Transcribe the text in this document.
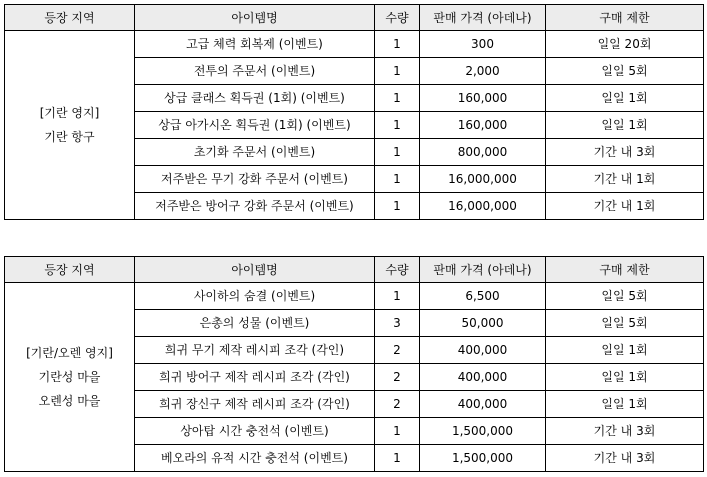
등장 지역	아이템명	수량	판매 가격 (아데나)	구매 제한

[기란 영지]
기란 항구	고급 체력 회복제 (이벤트)	1	300	일일 20회
	전투의 주문서 (이벤트)	1	2,000	일일 5회
	상급 클래스 획득권 (1회) (이벤트)	1	160,000	일일 1회
	상급 아가시온 획득권 (1회) (이벤트)	1	160,000	일일 1회
	초기화 주문서 (이벤트)	1	800,000	기간 내 3회
	저주받은 무기 강화 주문서 (이벤트)	1	16,000,000	기간 내 1회
	저주받은 방어구 강화 주문서 (이벤트)	1	16,000,000	기간 내 1회
등장 지역	아이템명	수량	판매 가격 (아데나)	구매 제한

[기란/오렌 영지]
기란성 마을
오렌성 마을	사이하의 숨결 (이벤트)	1	6,500	일일 5회
	은총의 성물 (이벤트)	3	50,000	일일 5회
	희귀 무기 제작 레시피 조각 (각인)	2	400,000	일일 1회
	희귀 방어구 제작 레시피 조각 (각인)	2	400,000	일일 1회
	희귀 장신구 제작 레시피 조각 (각인)	2	400,000	일일 1회
	상아탑 시간 충전석 (이벤트)	1	1,500,000	기간 내 3회
	베오라의 유적 시간 충전석 (이벤트)	1	1,500,000	기간 내 3회
